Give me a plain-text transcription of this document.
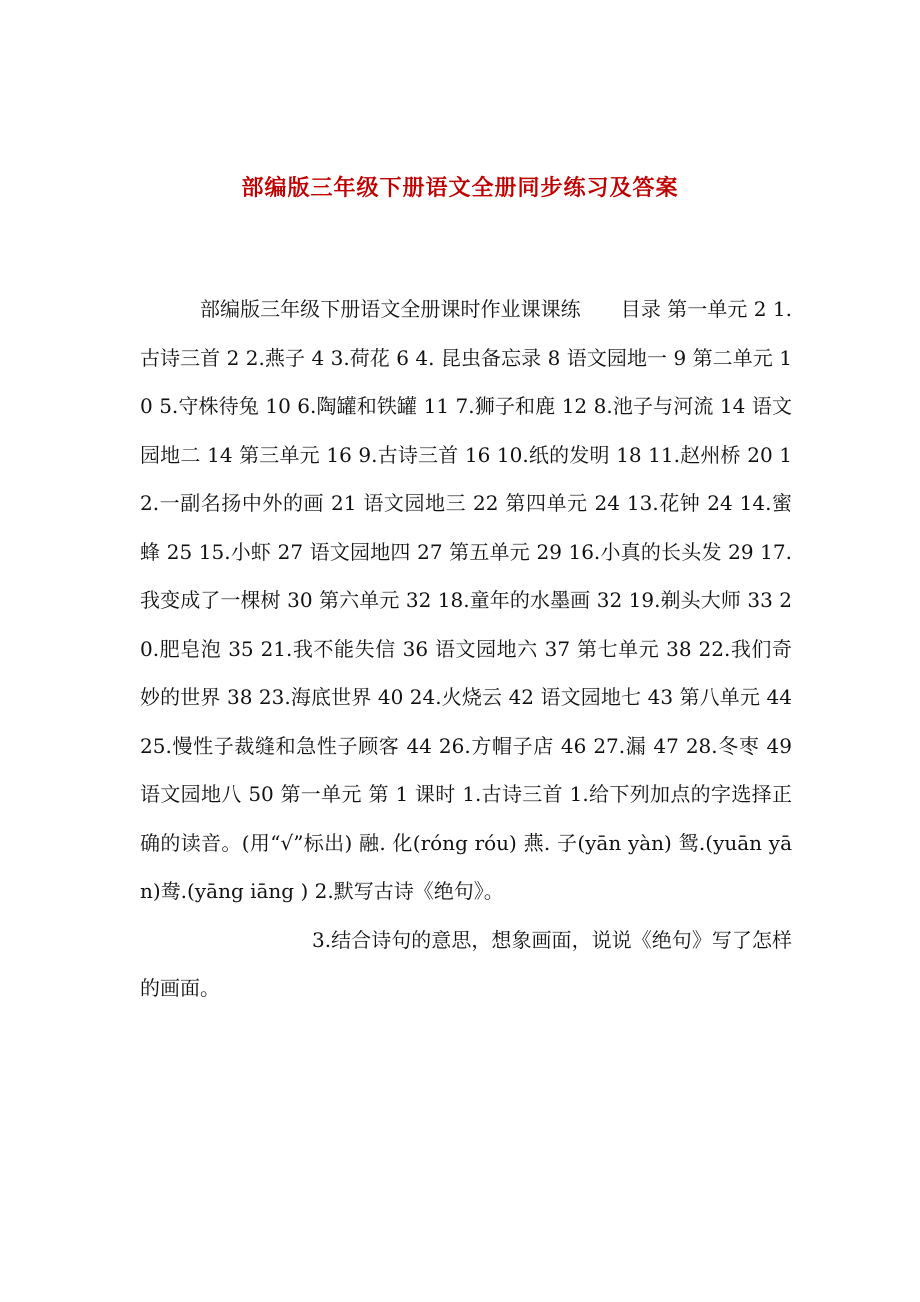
部编版三年级下册语文全册同步练习及答案

部编版三年级下册语文全册课时作业课课练　　目录 第一单元 2 1.古诗三首 2 2.燕子 4 3.荷花 6 4. 昆虫备忘录 8 语文园地一 9 第二单元 10 5.守株待兔 10 6.陶罐和铁罐 11 7.狮子和鹿 12 8.池子与河流 14 语文园地二 14 第三单元 16 9.古诗三首 16 10.纸的发明 18 11.赵州桥 20 12.一副名扬中外的画 21 语文园地三 22 第四单元 24 13.花钟 24 14.蜜蜂 25 15.小虾 27 语文园地四 27 第五单元 29 16.小真的长头发 29 17.我变成了一棵树 30 第六单元 32 18.童年的水墨画 32 19.剃头大师 33 20.肥皂泡 35 21.我不能失信 36 语文园地六 37 第七单元 38 22.我们奇妙的世界 38 23.海底世界 40 24.火烧云 42 语文园地七 43 第八单元 44 25.慢性子裁缝和急性子顾客 44 26.方帽子店 46 27.漏 47 28.冬枣 49 语文园地八 50 第一单元 第 1 课时 1.古诗三首 1.给下列加点的字选择正确的读音。(用“√”标出) 融. 化(róng róu) 燕. 子(yān yàn) 鸳.(yuān yān)鸯.(yāng iāng ) 2.默写古诗《绝句》。

3.结合诗句的意思，想象画面，说说《绝句》写了怎样的画面。
